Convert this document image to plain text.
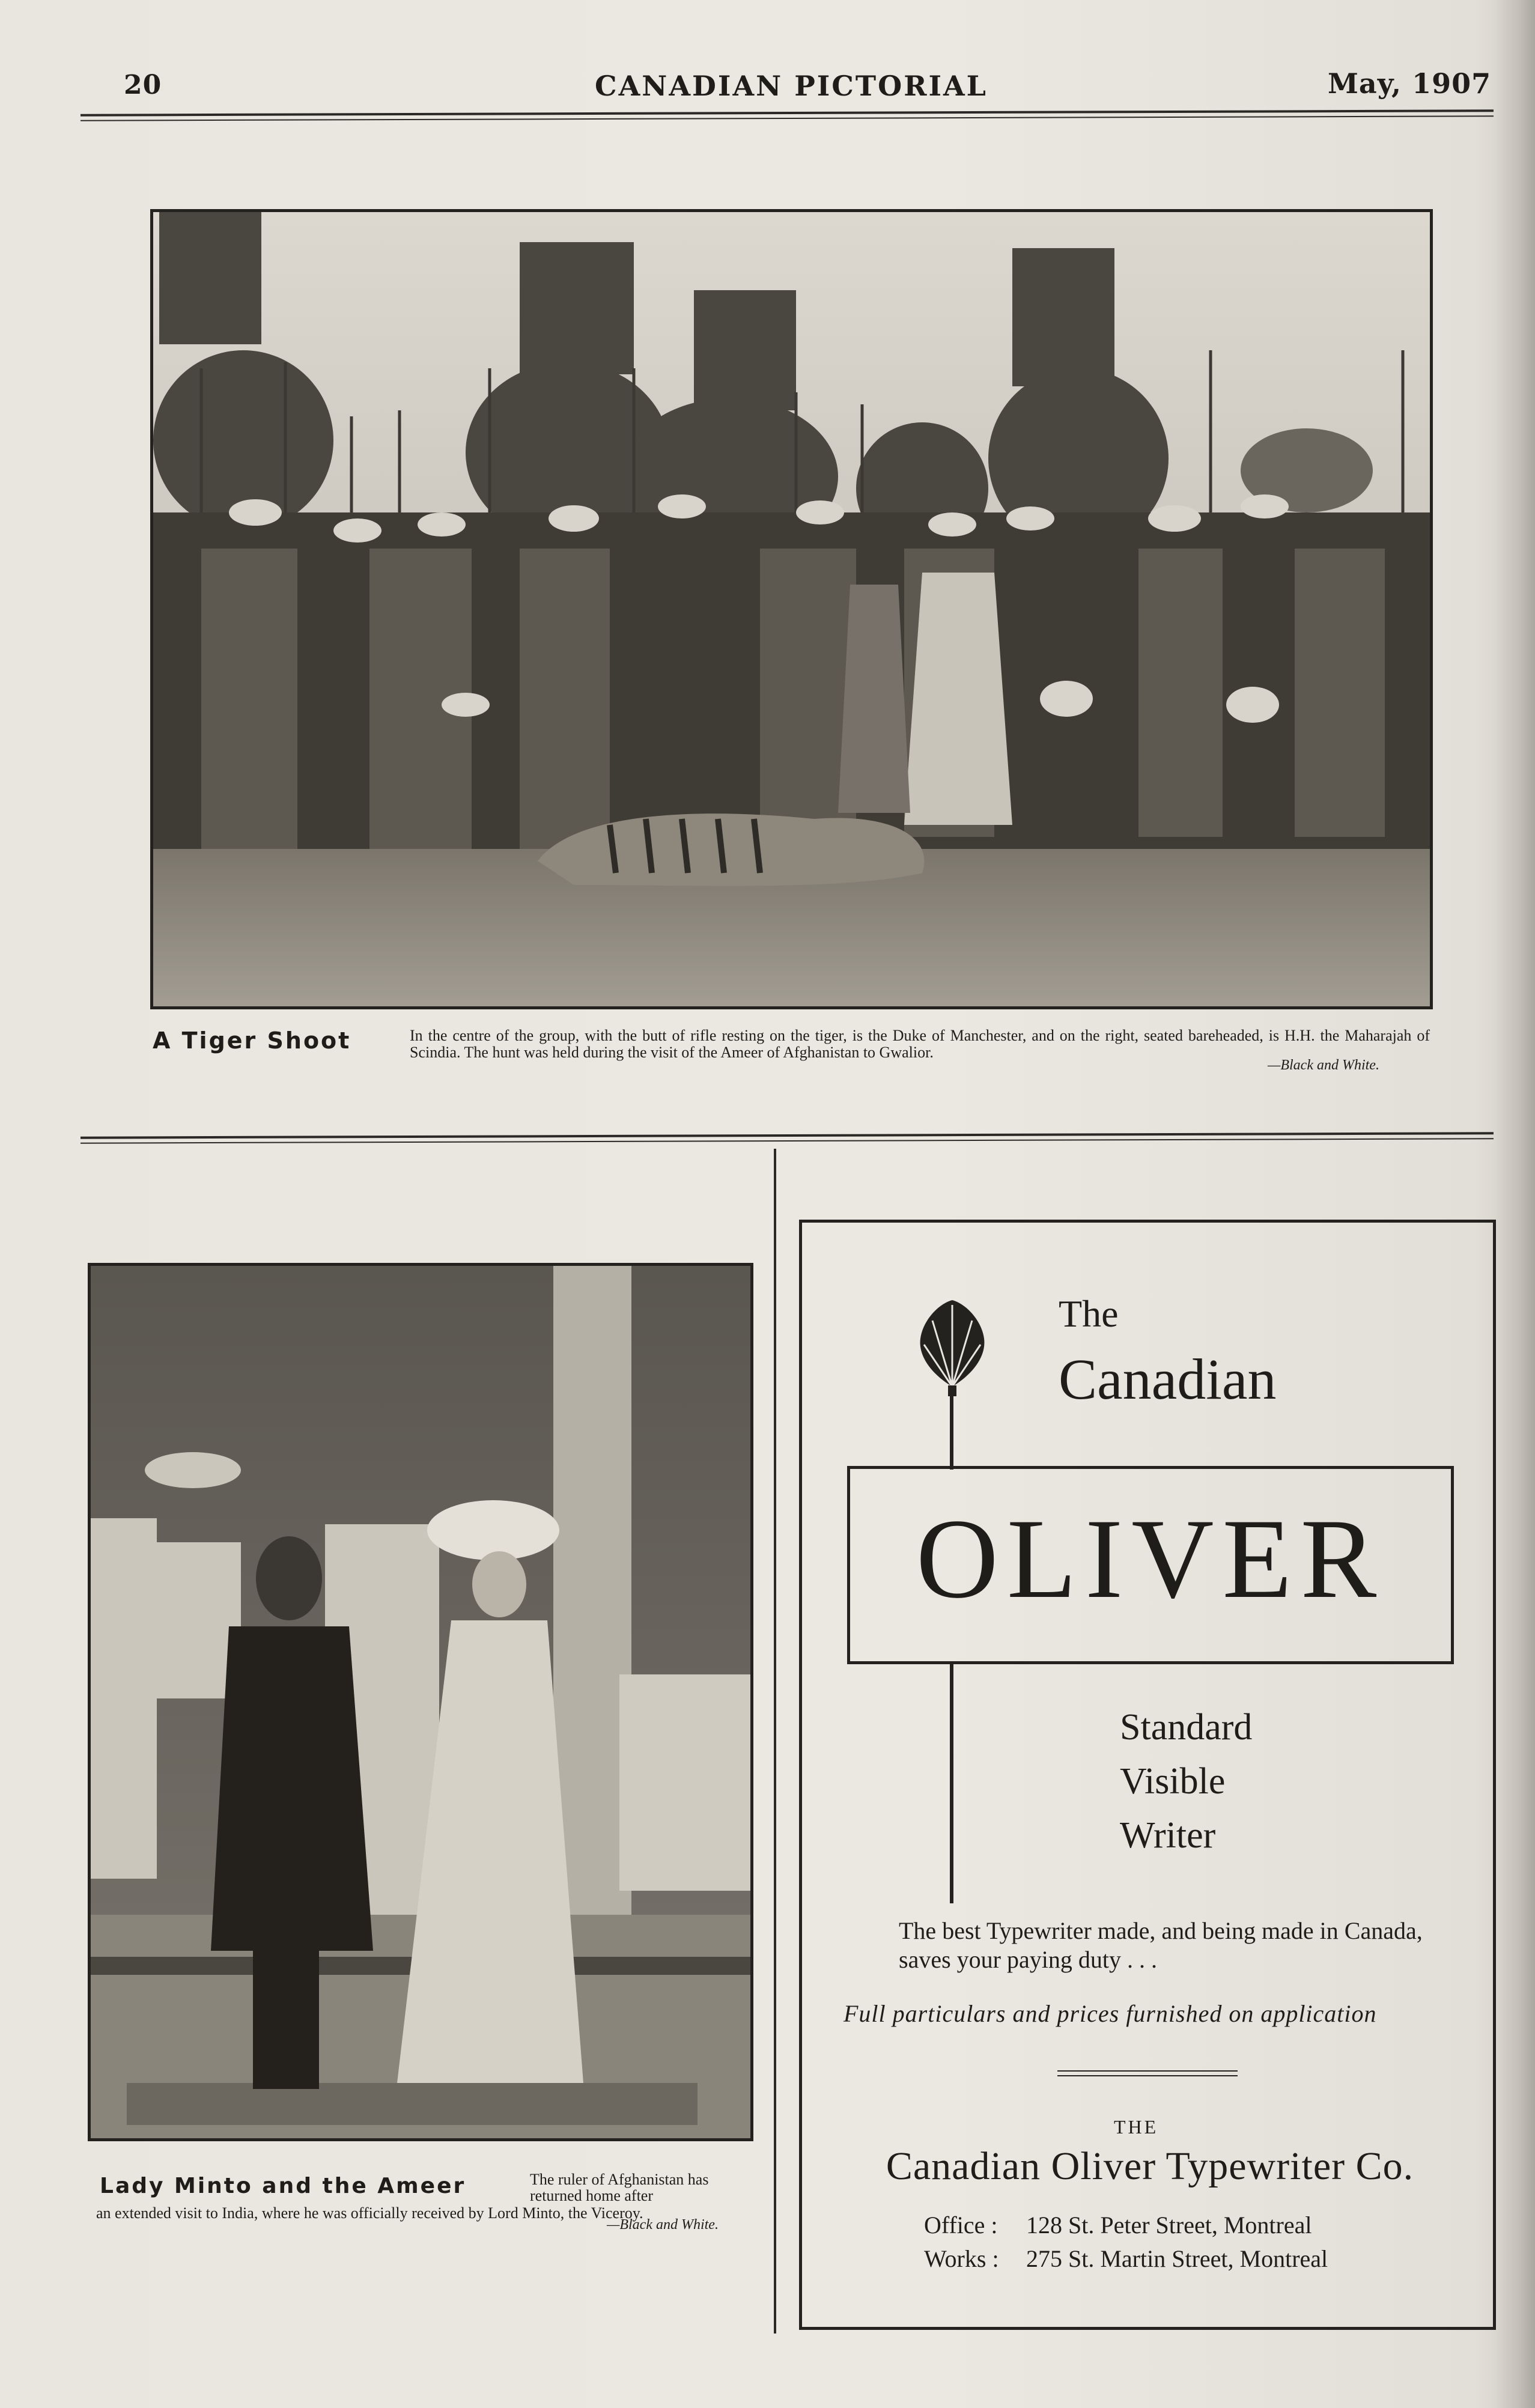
20	CANADIAN PICTORIAL	May, 1907
A Tiger Shoot	In the centre of the group, with the butt of rifle resting on the tiger, is the Duke of Manchester, and on the right, seated bareheaded, is H.H. the Maharajah of Scindia. The hunt was held during the visit of the Ameer of Afghanistan to Gwalior.
—Black and White.
Lady Minto and the Ameer	The ruler of Afghanistan has returned home after
an extended visit to India, where he was officially received by Lord Minto, the Viceroy.
—Black and White.
The
Canadian
OLIVER
Standard
Visible
Writer
The best Typewriter made, and being made in Canada, saves your paying duty . . .
Full particulars and prices furnished on application
THE
Canadian Oliver Typewriter Co.
Office : 128 St. Peter Street, Montreal
Works : 275 St. Martin Street, Montreal
